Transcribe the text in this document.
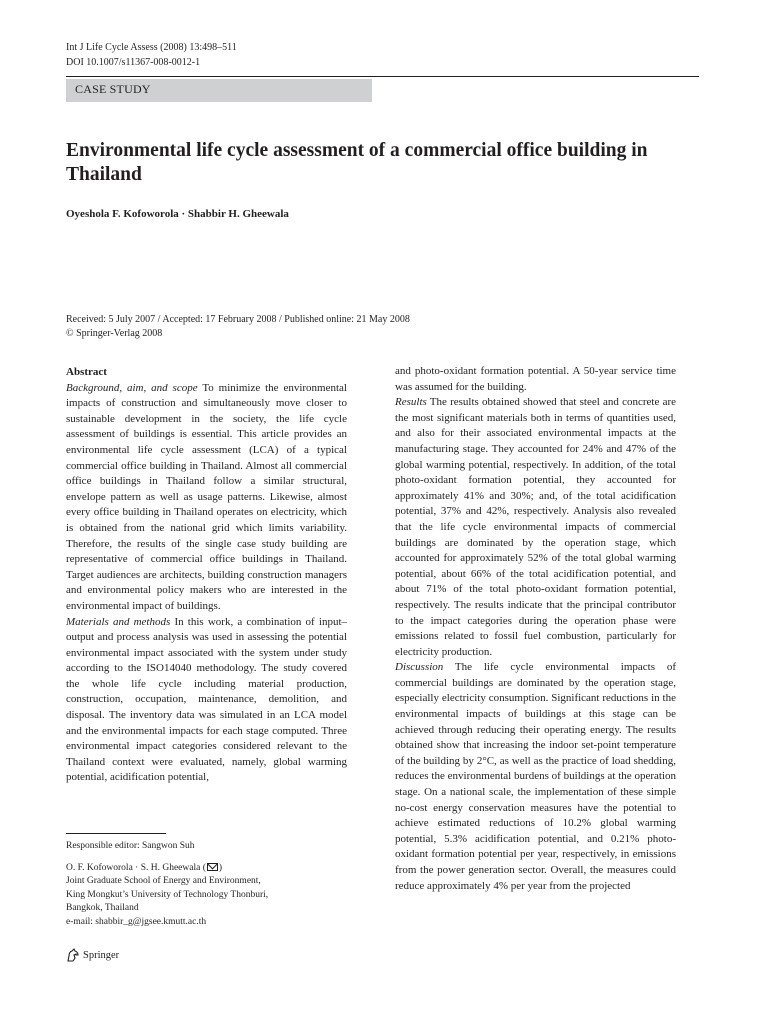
Int J Life Cycle Assess (2008) 13:498–511
DOI 10.1007/s11367-008-0012-1
CASE STUDY
Environmental life cycle assessment of a commercial office building in Thailand
Oyeshola F. Kofoworola · Shabbir H. Gheewala
Received: 5 July 2007 / Accepted: 17 February 2008 / Published online: 21 May 2008
© Springer-Verlag 2008

Abstract

Background, aim, and scope To minimize the environmental impacts of construction and simultaneously move closer to sustainable development in the society, the life cycle assessment of buildings is essential. This article provides an environmental life cycle assessment (LCA) of a typical commercial office building in Thailand. Almost all commercial office buildings in Thailand follow a similar structural, envelope pattern as well as usage patterns. Likewise, almost every office building in Thailand operates on electricity, which is obtained from the national grid which limits variability. Therefore, the results of the single case study building are representative of commercial office buildings in Thailand. Target audiences are architects, building construction managers and environmental policy makers who are interested in the environmental impact of buildings.

Materials and methods In this work, a combination of input–output and process analysis was used in assessing the potential environmental impact associated with the system under study according to the ISO14040 methodology. The study covered the whole life cycle including material production, construction, occupation, maintenance, demolition, and disposal. The inventory data was simulated in an LCA model and the environmental impacts for each stage computed. Three environmental impact categories considered relevant to the Thailand context were evaluated, namely, global warming potential, acidification potential,

and photo-oxidant formation potential. A 50-year service time was assumed for the building.

Results The results obtained showed that steel and concrete are the most significant materials both in terms of quantities used, and also for their associated environmental impacts at the manufacturing stage. They accounted for 24% and 47% of the global warming potential, respectively. In addition, of the total photo-oxidant formation potential, they accounted for approximately 41% and 30%; and, of the total acidification potential, 37% and 42%, respectively. Analysis also revealed that the life cycle environmental impacts of commercial buildings are dominated by the operation stage, which accounted for approximately 52% of the total global warming potential, about 66% of the total acidification potential, and about 71% of the total photo-oxidant formation potential, respectively. The results indicate that the principal contributor to the impact categories during the operation phase were emissions related to fossil fuel combustion, particularly for electricity production.

Discussion The life cycle environmental impacts of commercial buildings are dominated by the operation stage, especially electricity consumption. Significant reductions in the environmental impacts of buildings at this stage can be achieved through reducing their operating energy. The results obtained show that increasing the indoor set-point temperature of the building by 2°C, as well as the practice of load shedding, reduces the environmental burdens of buildings at the operation stage. On a national scale, the implementation of these simple no-cost energy conservation measures have the potential to achieve estimated reductions of 10.2% global warming potential, 5.3% acidification potential, and 0.21% photo-oxidant formation potential per year, respectively, in emissions from the power generation sector. Overall, the measures could reduce approximately 4% per year from the projected

Responsible editor: Sangwon Suh
O. F. Kofoworola · S. H. Gheewala ( )
Joint Graduate School of Energy and Environment,
King Mongkut’s University of Technology Thonburi,
Bangkok, Thailand
e-mail: shabbir_g@jgsee.kmutt.ac.th
Springer
